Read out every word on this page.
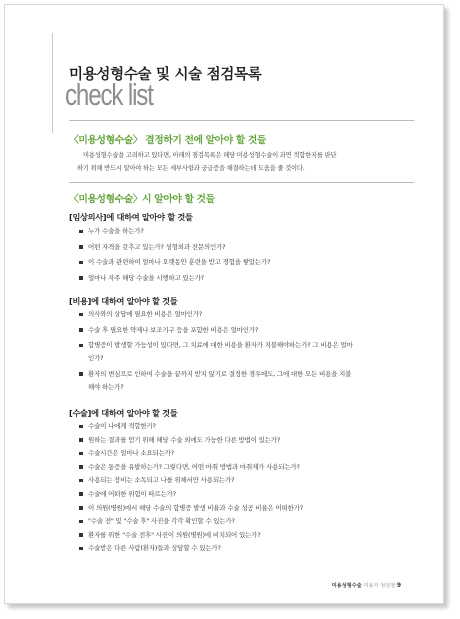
미용성형수술 및 시술 점검목록
check list
〈미용성형수술〉 결정하기 전에 알아야 할 것들
미용성형수술을 고려하고 있다면, 아래의 점검목록은 해당 미용성형수술이 과연 적합한지를 판단
하기 위해 반드시 알아야 하는 모든 세부사항과 궁금증을 해결하는데 도움을 줄 것이다.
〈미용성형수술〉시 알아야 할 것들
[임상의사]에 대하여 알아야 할 것들
누가 수술을 하는가?
어떤 자격을 갖추고 있는가? 성형외과 전문의인가?
이 수술과 관련하여 얼마나 오랫동안 훈련을 받고 경험을 쌓았는가?
얼마나 자주 해당 수술을 시행하고 있는가?
[비용]에 대하여 알아야 할 것들
의사와의 상담에 필요한 비용은 얼마인가?
수술 후 필요한 약제나 보조기구 등을 포함한 비용은 얼마인가?
합병증이 발생할 가능성이 있다면, 그 치료에 대한 비용을 환자가 지불해야하는가? 그 비용은 얼마
인가?
환자의 변심으로 인하여 수술을 끝까지 받지 않기로 결정한 경우에도, 그에 대한 모든 비용을 지불
해야 하는가?
[수술]에 대하여 알아야 할 것들
수술이 나에게 적합한가?
원하는 결과를 얻기 위해 해당 수술 외에도 가능한 다른 방법이 있는가?
수술시간은 얼마나 소요되는가?
수술은 통증을 유발하는가? 그렇다면, 어떤 마취 방법과 마취제가 사용되는가?
사용되는 장비는 소독되고 나를 위해서만 사용되는가?
수술에 어떠한 위험이 따르는가?
이 의원(병원)에서 해당 수술의 합병증 발생 비율과 수술 성공 비율은 어떠한가?
"수술 전" 및 "수술 후" 사진을 각각 확인할 수 있는가?
환자를 위한 "수술 전후" 사진이 의원(병원)에 비치되어 있는가?
수술받은 다른 사람(환자)들과 상담할 수 있는가?
미용성형수술 미용자 점검점 9
